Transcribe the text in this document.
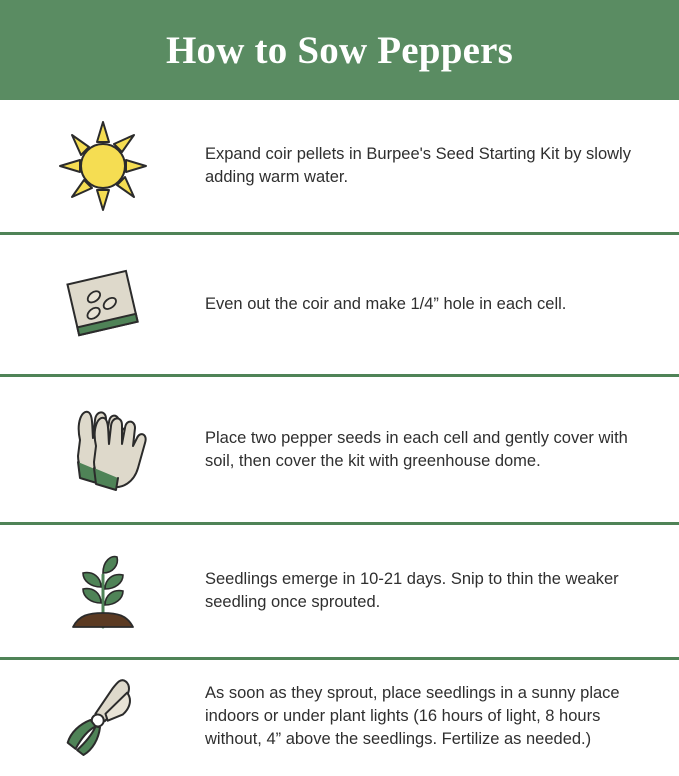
How to Sow Peppers
Expand coir pellets in Burpee's Seed Starting Kit by slowly adding warm water.
Even out the coir and make 1/4” hole in each cell.
Place two pepper seeds in each cell and gently cover with soil, then cover the kit with greenhouse dome.
Seedlings emerge in 10-21 days. Snip to thin the weaker seedling once sprouted.
As soon as they sprout, place seedlings in a sunny place indoors or under plant lights (16 hours of light, 8 hours without, 4” above the seedlings. Fertilize as needed.)
